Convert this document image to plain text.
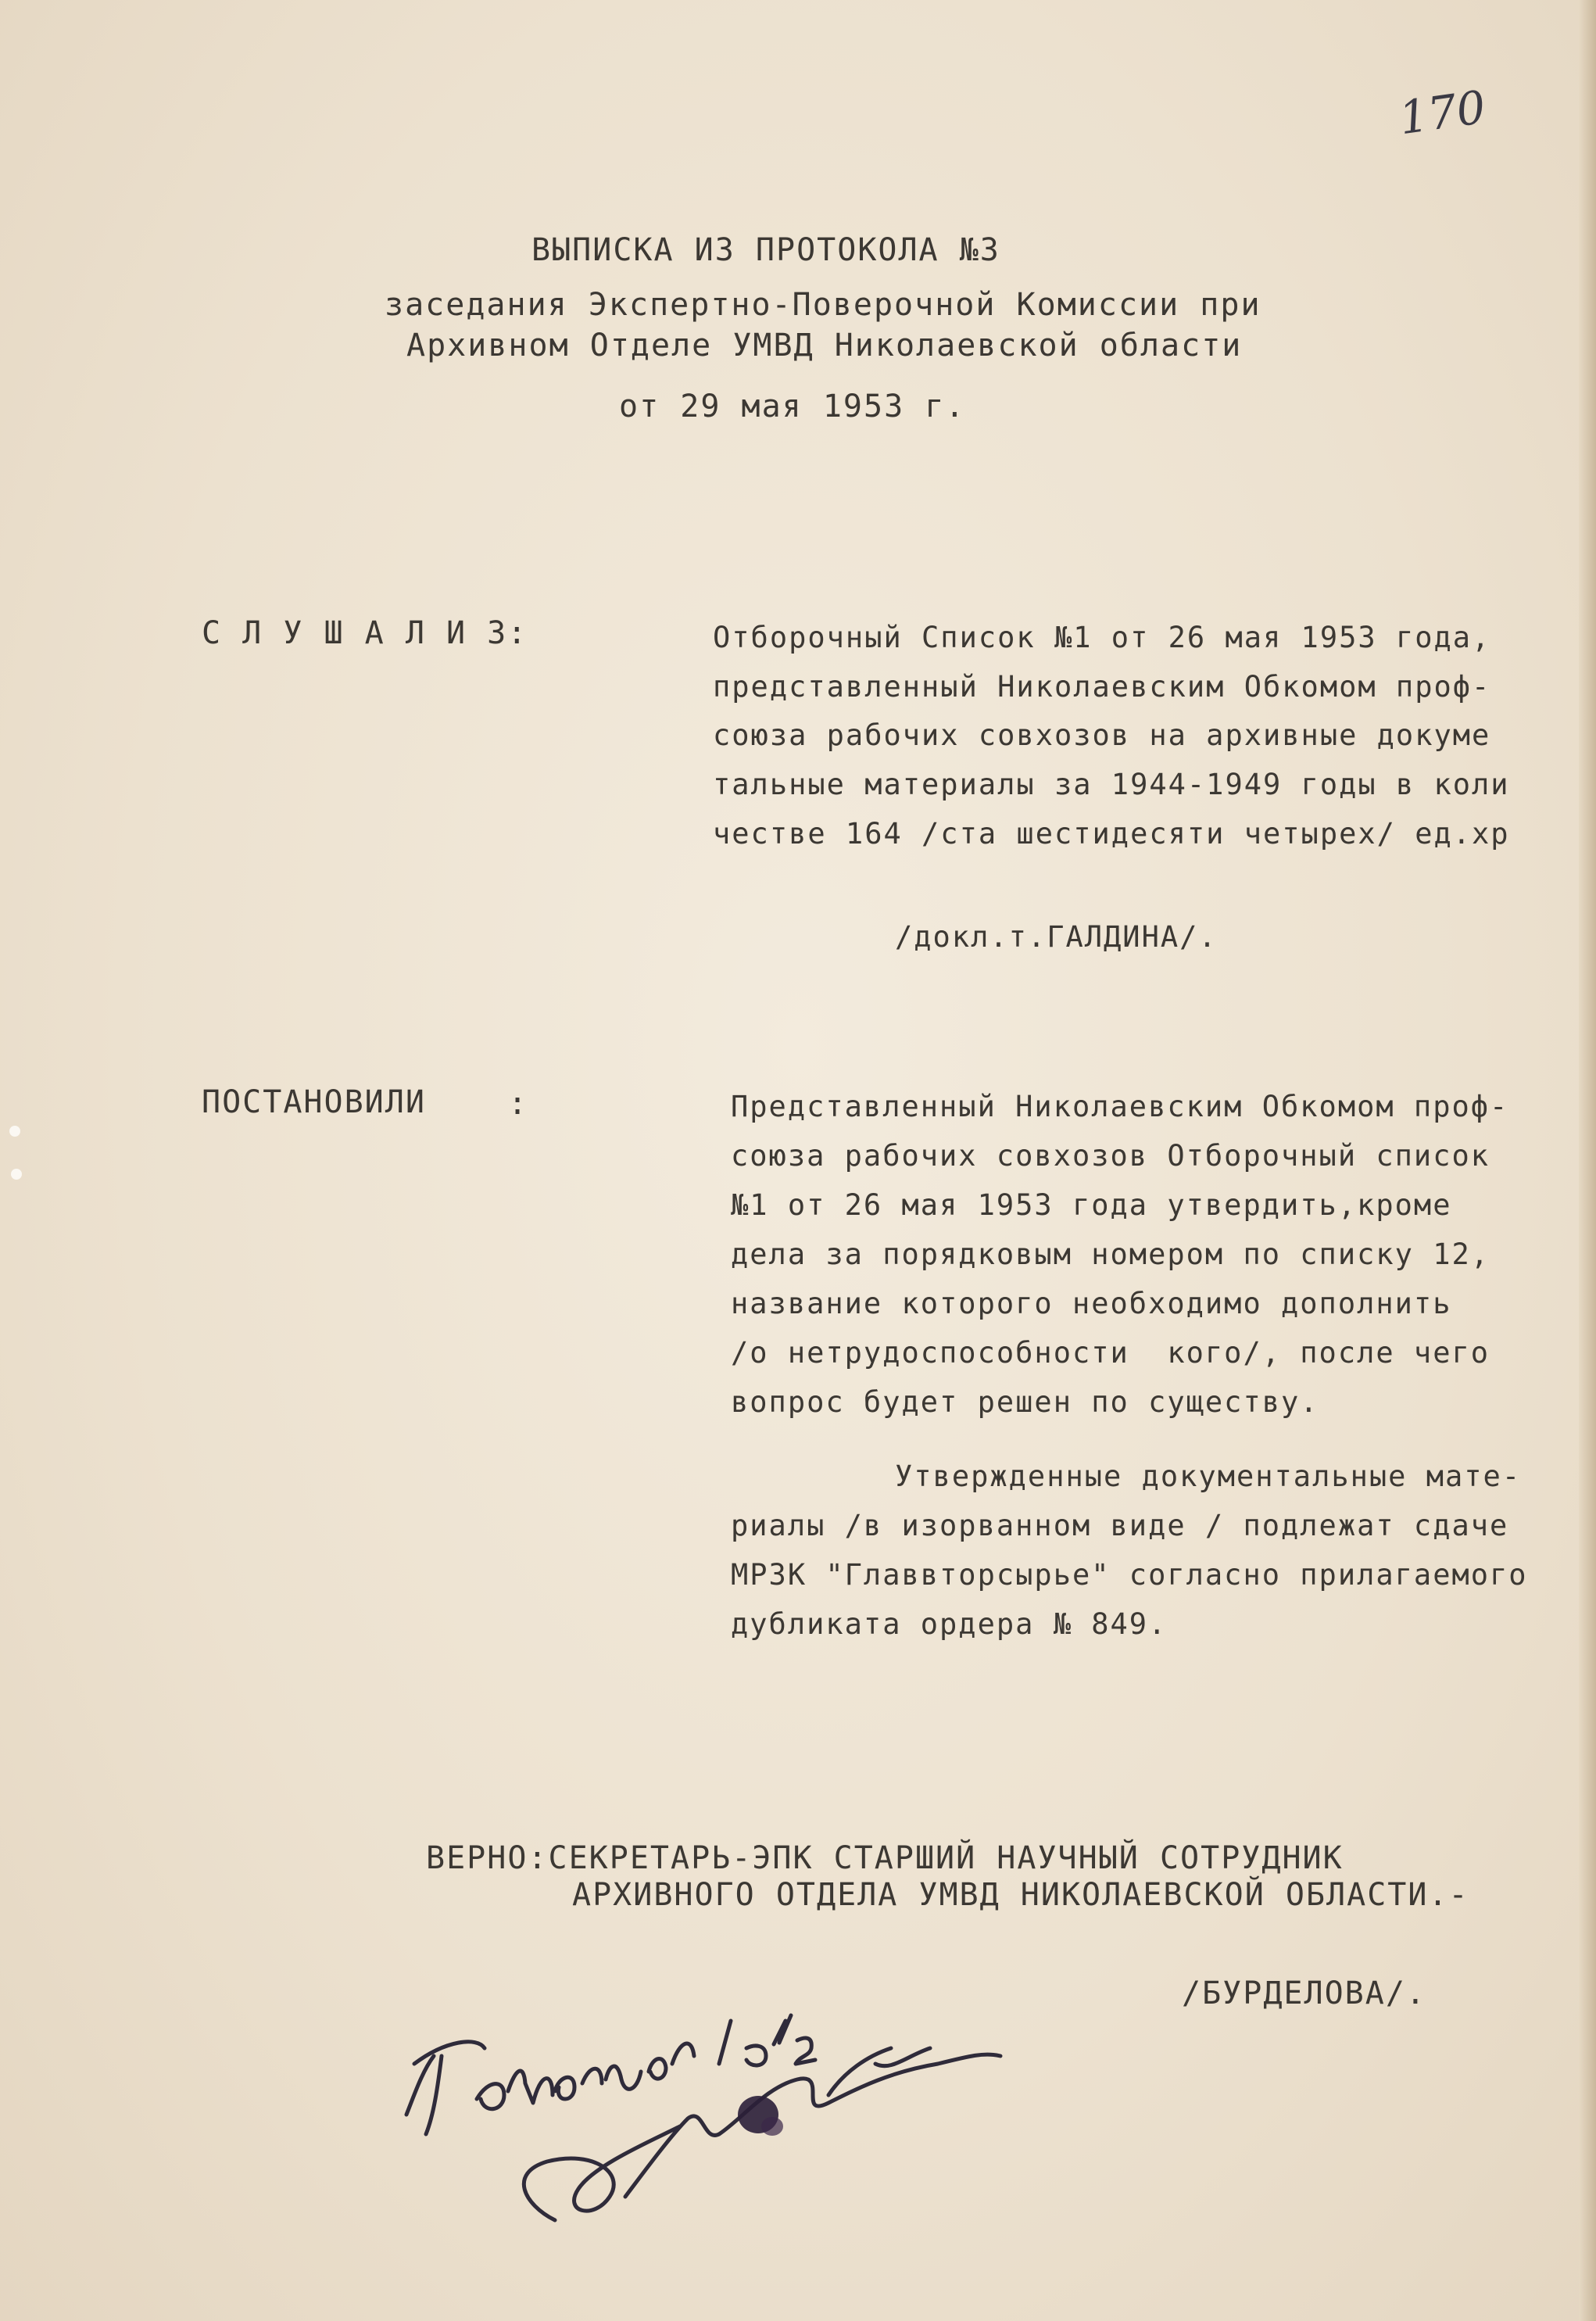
170
ВЫПИСКА ИЗ ПРОТОКОЛА №3
заседания Экспертно-Поверочной Комиссии при
Архивном Отделе УМВД Николаевской области
от 29 мая 1953 г.
С Л У Ш А Л И 3:	Отборочный Список №1 от 26 мая 1953 года,
представленный Николаевским Обкомом проф-
союза рабочих совхозов на архивные докуме
тальные материалы за 1944-1949 годы в коли
честве 164 /ста шестидесяти четырех/ ед.хр
/докл.т.ГАЛДИНА/.
ПОСТАНОВИЛИ	:	Представленный Николаевским Обкомом проф-
союза рабочих совхозов Отборочный список
№1 от 26 мая 1953 года утвердить,кроме
дела за порядковым номером по списку 12,
название которого необходимо дополнить
/о нетрудоспособности  кого/, после чего
вопрос будет решен по существу.
Утвержденные документальные мате-
риалы /в изорванном виде / подлежат сдаче
МРЗК "Главвторсырье" согласно прилагаемого
дубликата ордера № 849.
ВЕРНО:СЕКРЕТАРЬ-ЭПК СТАРШИЙ НАУЧНЫЙ СОТРУДНИК
АРХИВНОГО ОТДЕЛА УМВД НИКОЛАЕВСКОЙ ОБЛАСТИ.-
/БУРДЕЛОВА/.
